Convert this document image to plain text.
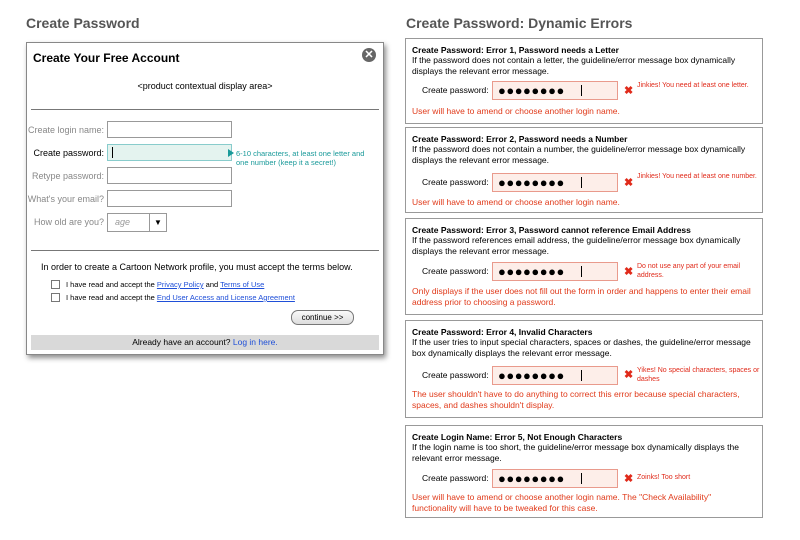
Create Password	Create Password: Dynamic Errors
Create Your Free Account	✕
<product contextual display area>
Create login name:
Create password:	6-10 characters, at least one letter and one number (keep it a secret!)
Retype password:
What's your email?
How old are you? age	▼
In order to create a Cartoon Network profile, you must accept the terms below.
I have read and accept the Privacy Policy and Terms of Use
I have read and accept the End User Access and License Agreement
continue >>
Already have an account? Log in here.
Create Password: Error 1, Password needs a Letter
If the password does not contain a letter, the guideline/error message box dynamically displays the relevant error message.
Create password: ●●●●●●●●	✖ Jinkies! You need at least one letter.
User will have to amend or choose another login name.
Create Password: Error 2, Password needs a Number
If the password does not contain a number, the guideline/error message box dynamically displays the relevant error message.
Create password: ●●●●●●●●	✖
Jinkies! You need at least one number.
User will have to amend or choose another login name.
Create Password: Error 3, Password cannot reference Email Address
If the password references email address, the guideline/error message box dynamically displays the relevant error message.
Create password: ●●●●●●●●	✖ Do not use any part of your email address.
Only displays if the user does not fill out the form in order and happens to enter their email address prior to choosing a password.
Create Password: Error 4, Invalid Characters
If the user tries to input special characters, spaces or dashes, the guideline/error message box dynamically displays the relevant error message.
Create password: ●●●●●●●●	✖ Yikes! No special characters, spaces or dashes
The user shouldn't have to do anything to correct this error because special characters, spaces, and dashes shouldn't display.
Create Login Name: Error 5, Not Enough Characters
If the login name is too short, the guideline/error message box dynamically displays the relevant error message.
Create password: ●●●●●●●●	✖ Zoinks! Too short
User will have to amend or choose another login name. The "Check Availability" functionality will have to be tweaked for this case.
